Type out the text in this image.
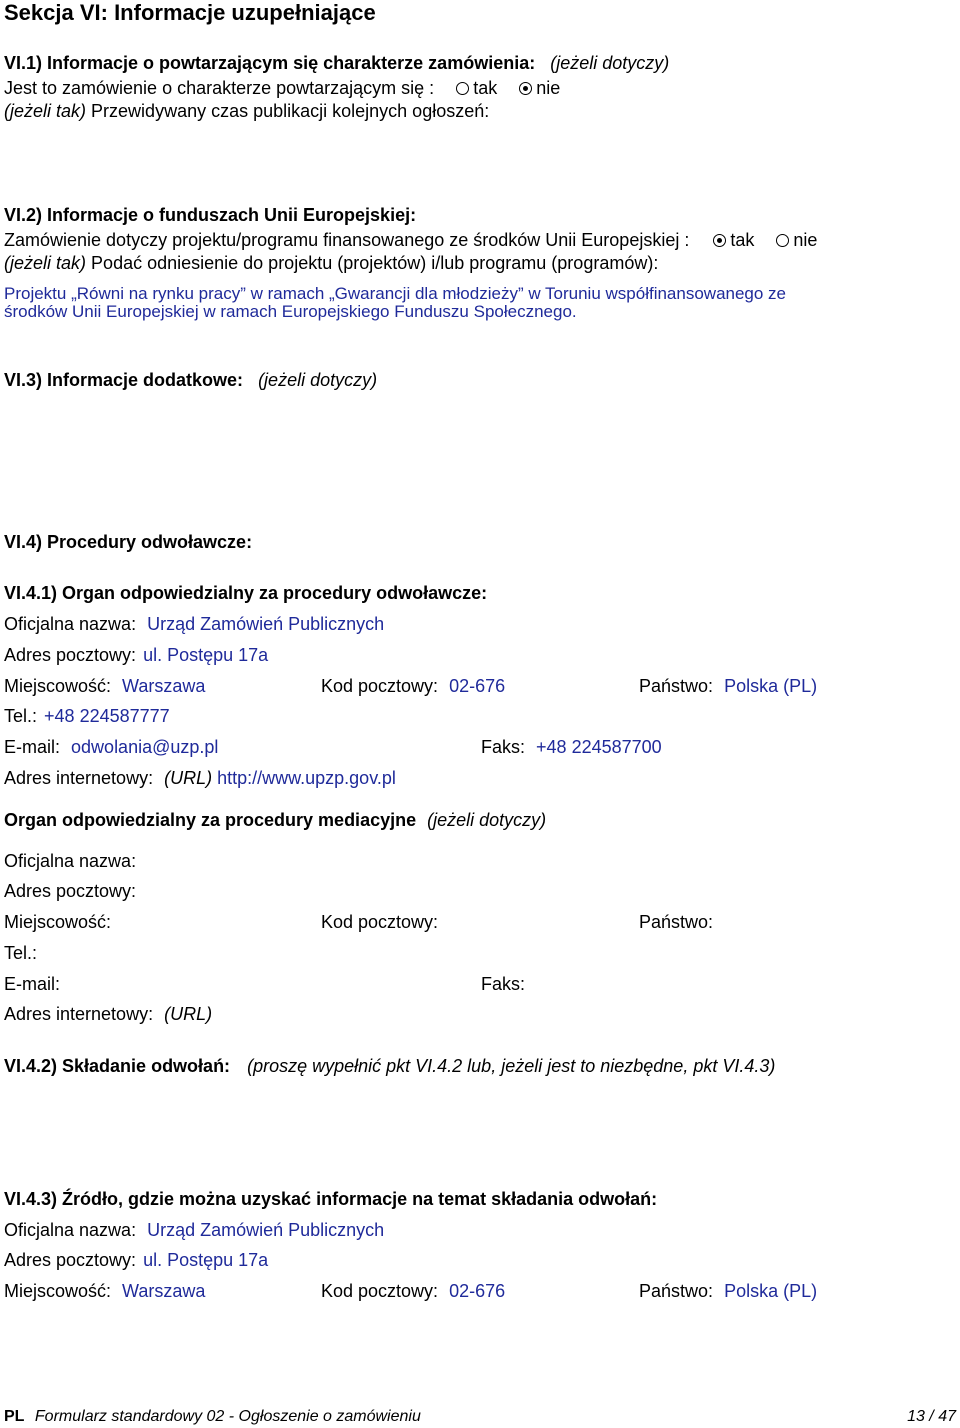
Sekcja VI: Informacje uzupełniające
VI.1) Informacje o powtarzającym się charakterze zamówienia: (jeżeli dotyczy)
Jest to zamówienie o charakterze powtarzającym się : tak nie
(jeżeli tak) Przewidywany czas publikacji kolejnych ogłoszeń:
VI.2) Informacje o funduszach Unii Europejskiej:
Zamówienie dotyczy projektu/programu finansowanego ze środków Unii Europejskiej : tak nie
(jeżeli tak) Podać odniesienie do projektu (projektów) i/lub programu (programów):
Projektu „Równi na rynku pracy” w ramach „Gwarancji dla młodzieży” w Toruniu współfinansowanego ze
środków Unii Europejskiej w ramach Europejskiego Funduszu Społecznego.
VI.3) Informacje dodatkowe: (jeżeli dotyczy)
VI.4) Procedury odwoławcze:
VI.4.1) Organ odpowiedzialny za procedury odwoławcze:
Oficjalna nazwa: Urząd Zamówień Publicznych
Adres pocztowy: ul. Postępu 17a
Miejscowość: Warszawa	Kod pocztowy: 02-676	Państwo: Polska (PL)
Tel.: +48 224587777
E-mail: odwolania@uzp.pl	Faks: +48 224587700
Adres internetowy: (URL) http://www.upzp.gov.pl
Organ odpowiedzialny za procedury mediacyjne (jeżeli dotyczy)
Oficjalna nazwa:
Adres pocztowy:
Miejscowość:	Kod pocztowy:	Państwo:
Tel.:
E-mail:	Faks:
Adres internetowy: (URL)
VI.4.2) Składanie odwołań: (proszę wypełnić pkt VI.4.2 lub, jeżeli jest to niezbędne, pkt VI.4.3)
VI.4.3) Źródło, gdzie można uzyskać informacje na temat składania odwołań:
Oficjalna nazwa: Urząd Zamówień Publicznych
Adres pocztowy: ul. Postępu 17a
Miejscowość: Warszawa	Kod pocztowy: 02-676	Państwo: Polska (PL)
PL Formularz standardowy 02 - Ogłoszenie o zamówieniu	13 / 47
